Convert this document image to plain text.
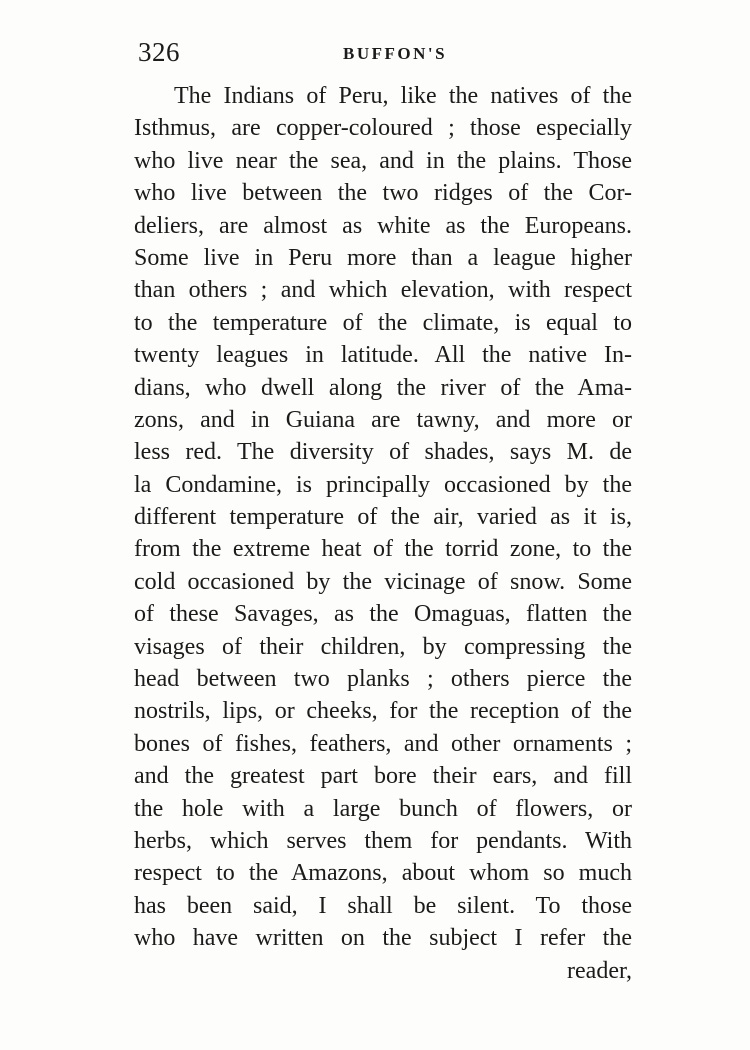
326	BUFFON'S
The Indians of Peru, like the natives of the
Isthmus, are copper-coloured ; those especially
who live near the sea, and in the plains. Those
who live between the two ridges of the Cor-
deliers, are almost as white as the Europeans.
Some live in Peru more than a league higher
than others ; and which elevation, with respect
to the temperature of the climate, is equal to
twenty leagues in latitude. All the native In-
dians, who dwell along the river of the Ama-
zons, and in Guiana are tawny, and more or
less red. The diversity of shades, says M. de
la Condamine, is principally occasioned by the
different temperature of the air, varied as it is,
from the extreme heat of the torrid zone, to the
cold occasioned by the vicinage of snow. Some
of these Savages, as the Omaguas, flatten the
visages of their children, by compressing the
head between two planks ; others pierce the
nostrils, lips, or cheeks, for the reception of the
bones of fishes, feathers, and other ornaments ;
and the greatest part bore their ears, and fill
the hole with a large bunch of flowers, or
herbs, which serves them for pendants. With
respect to the Amazons, about whom so much
has been said, I shall be silent. To those
who have written on the subject I refer the
reader,
